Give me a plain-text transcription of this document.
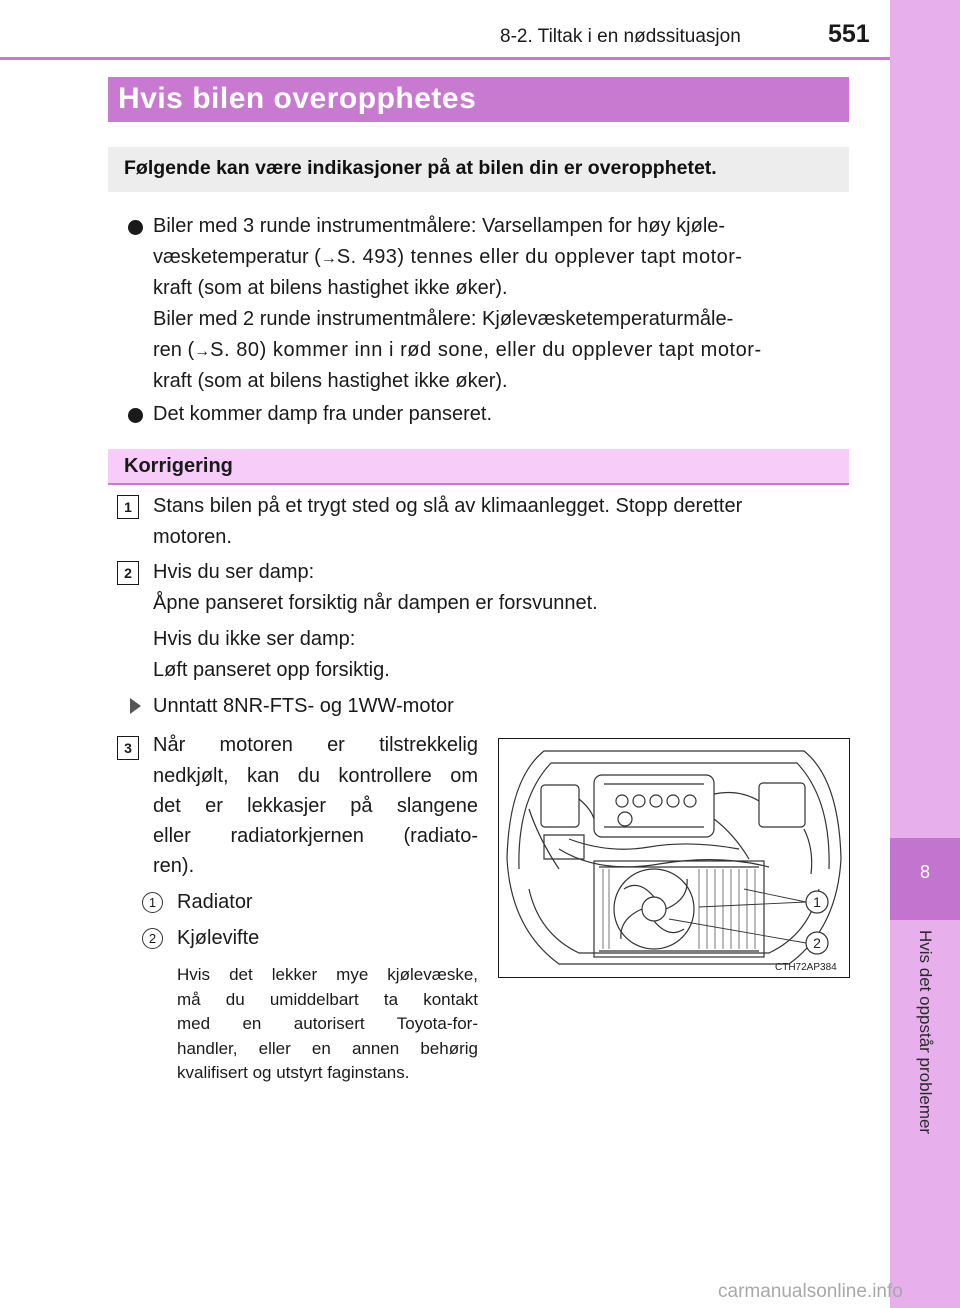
8-2. Tiltak i en nødssituasjon	551
8
Hvis det oppstår problemer
Hvis bilen overopphetes
Følgende kan være indikasjoner på at bilen din er overopphetet.
Biler med 3 runde instrumentmålere: Varsellampen for høy kjøle-
væsketemperatur (→S. 493) tennes eller du opplever tapt motor-
kraft (som at bilens hastighet ikke øker).
Biler med 2 runde instrumentmålere: Kjølevæsketemperaturmåle-
ren (→S. 80) kommer inn i rød sone, eller du opplever tapt motor-
kraft (som at bilens hastighet ikke øker).
Det kommer damp fra under panseret.
Korrigering
1	Stans bilen på et trygt sted og slå av klimaanlegget. Stopp deretter
motoren.
2	Hvis du ser damp:
Åpne panseret forsiktig når dampen er forsvunnet.
Hvis du ikke ser damp:
Løft panseret opp forsiktig.
Unntatt 8NR-FTS- og 1WW-motor
3	Når motoren er tilstrekkelig
nedkjølt, kan du kontrollere om
det er lekkasjer på slangene
eller radiatorkjernen (radiato-
ren).
1	Radiator
2	Kjølevifte
Hvis det lekker mye kjølevæske,
må du umiddelbart ta kontakt
med en autorisert Toyota-for-
handler, eller en annen behørig
kvalifisert og utstyrt faginstans.
1
2
CTH72AP384
carmanualsonline.info
